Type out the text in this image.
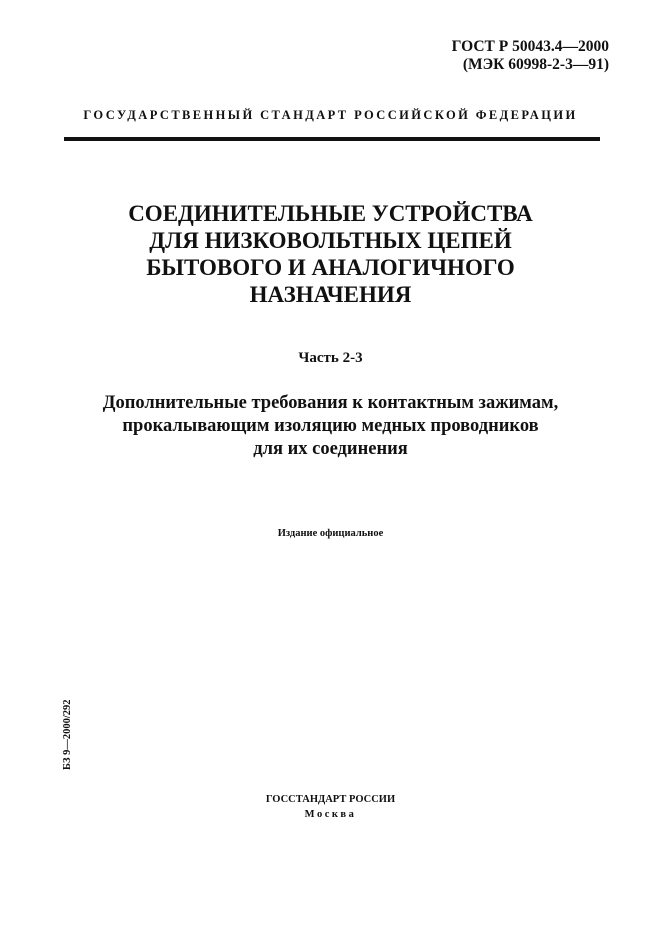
ГОСТ Р 50043.4—2000
(МЭК 60998-2-3—91)
ГОСУДАРСТВЕННЫЙ СТАНДАРТ РОССИЙСКОЙ ФЕДЕРАЦИИ
СОЕДИНИТЕЛЬНЫЕ УСТРОЙСТВА
ДЛЯ НИЗКОВОЛЬТНЫХ ЦЕПЕЙ
БЫТОВОГО И АНАЛОГИЧНОГО
НАЗНАЧЕНИЯ
Часть 2-3
Дополнительные требования к контактным зажимам,
прокалывающим изоляцию медных проводников
для их соединения
Издание официальное
БЗ 9—2000/292
ГОССТАНДАРТ РОССИИ
Москва
